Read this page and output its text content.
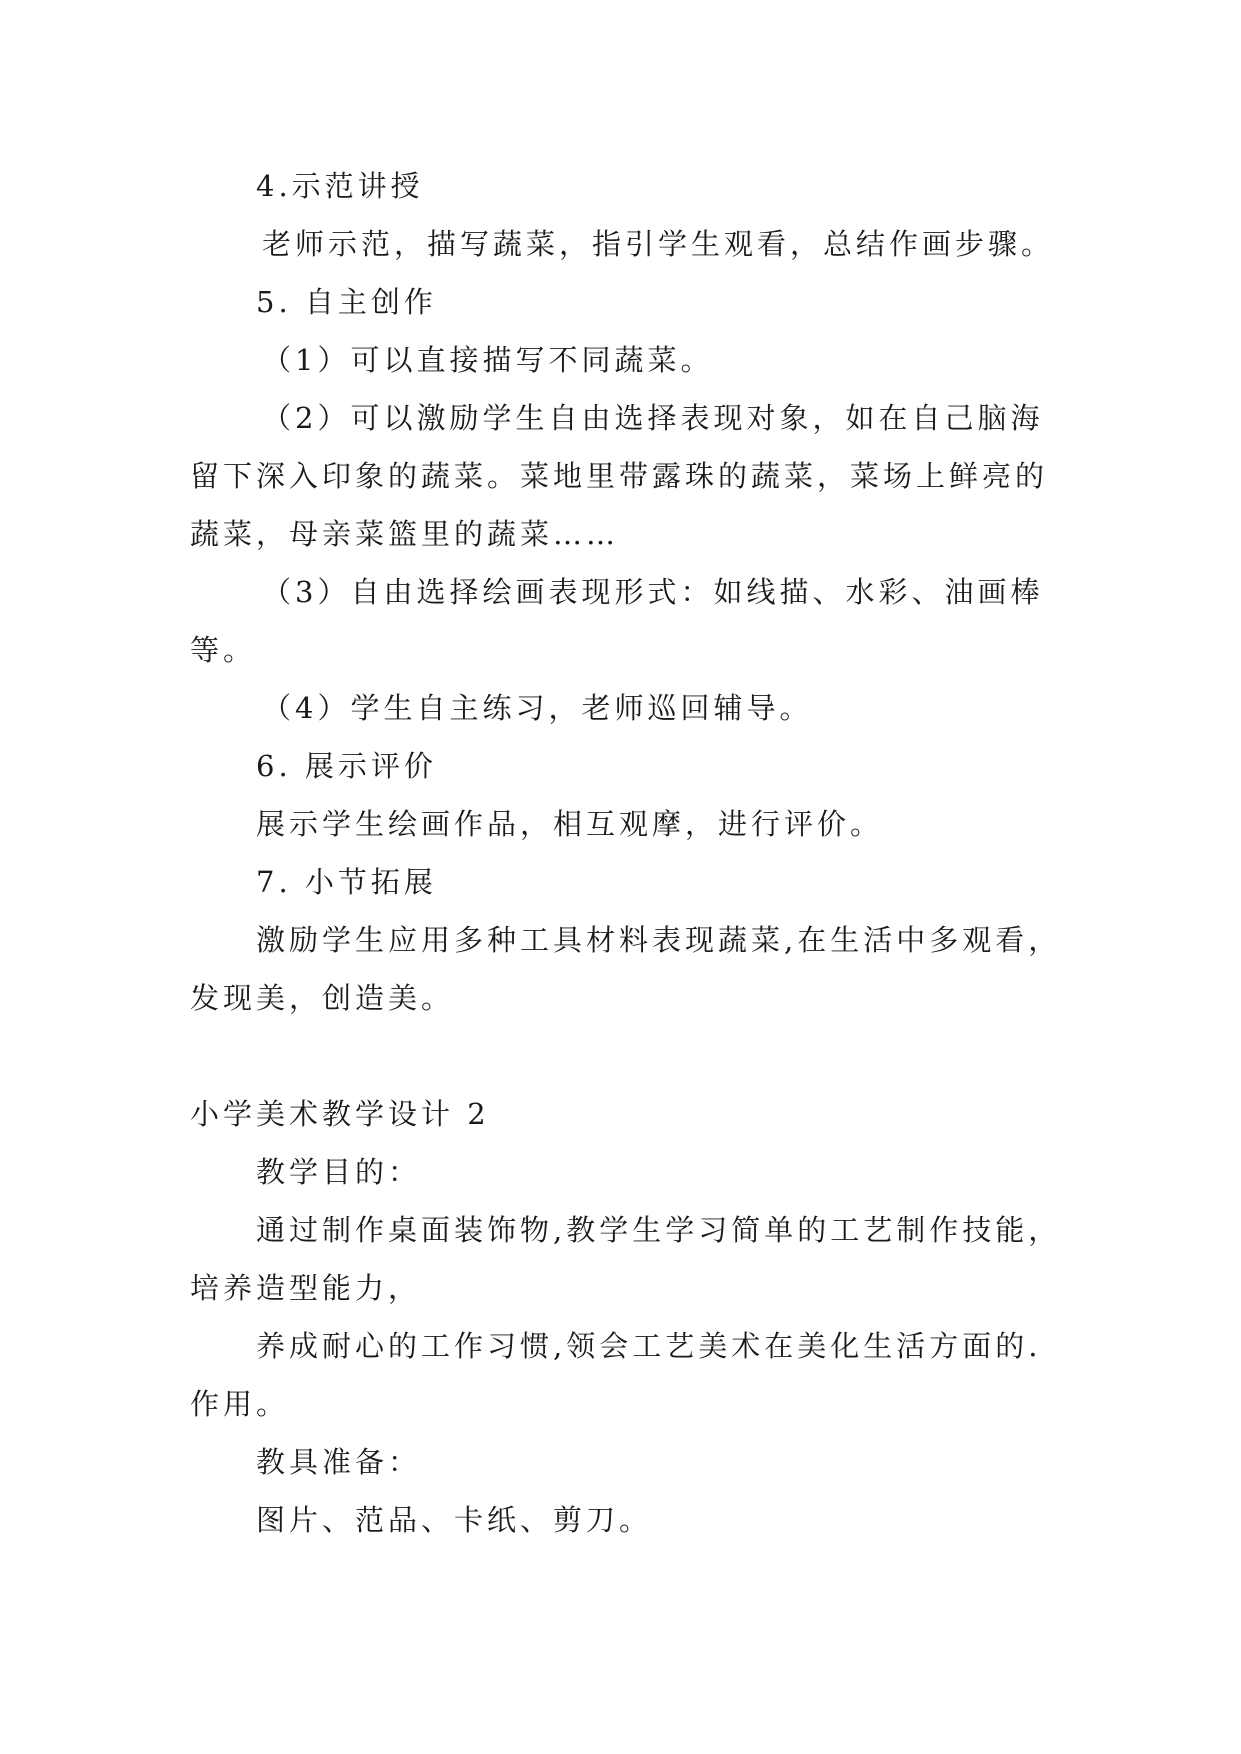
4.示范讲授
老师示范，描写蔬菜，指引学生观看，总结作画步骤。
5. 自主创作
（1）可以直接描写不同蔬菜。
（2）可以激励学生自由选择表现对象，如在自己脑海
留下深入印象的蔬菜。菜地里带露珠的蔬菜，菜场上鲜亮的
蔬菜，母亲菜篮里的蔬菜……
（3）自由选择绘画表现形式：如线描、水彩、油画棒
等。
（4）学生自主练习，老师巡回辅导。
6. 展示评价
展示学生绘画作品，相互观摩，进行评价。
7. 小节拓展
激励学生应用多种工具材料表现蔬菜,在生活中多观看，
发现美，创造美。
小学美术教学设计 2
教学目的：
通过制作桌面装饰物,教学生学习简单的工艺制作技能，
培养造型能力，
养成耐心的工作习惯,领会工艺美术在美化生活方面的.
作用。
教具准备：
图片、范品、卡纸、剪刀。
